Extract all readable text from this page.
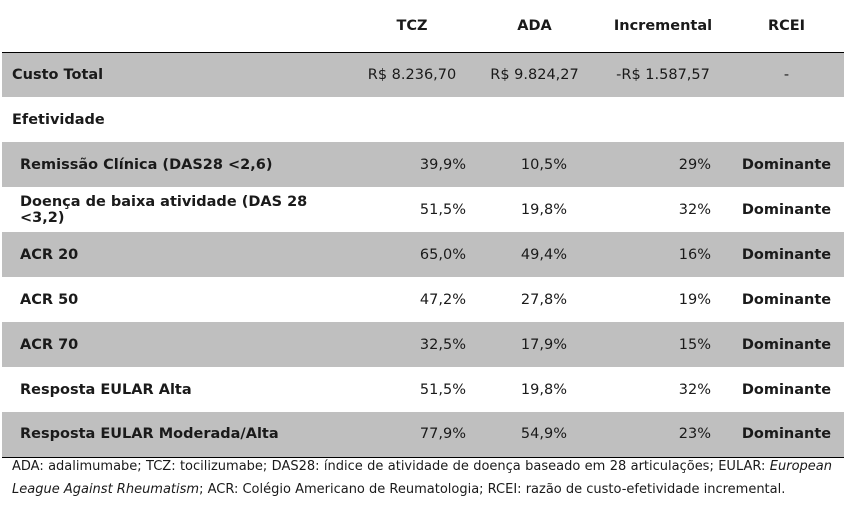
	TCZ	ADA	Incremental	RCEI
Custo Total	R$ 8.236,70	R$ 9.824,27	-R$ 1.587,57	-
Efetividade				
Remissão Clínica (DAS28 <2,6)	39,9%	10,5%	29%	Dominante
Doença de baixa atividade (DAS 28 <3,2)	51,5%	19,8%	32%	Dominante
ACR 20	65,0%	49,4%	16%	Dominante
ACR 50	47,2%	27,8%	19%	Dominante
ACR 70	32,5%	17,9%	15%	Dominante
Resposta EULAR Alta	51,5%	19,8%	32%	Dominante
Resposta EULAR Moderada/Alta	77,9%	54,9%	23%	Dominante
ADA: adalimumabe; TCZ: tocilizumabe; DAS28: índice de atividade de doença baseado em 28 articulações; EULAR: European League Against Rheumatism; ACR: Colégio Americano de Reumatologia; RCEI: razão de custo-efetividade incremental.
